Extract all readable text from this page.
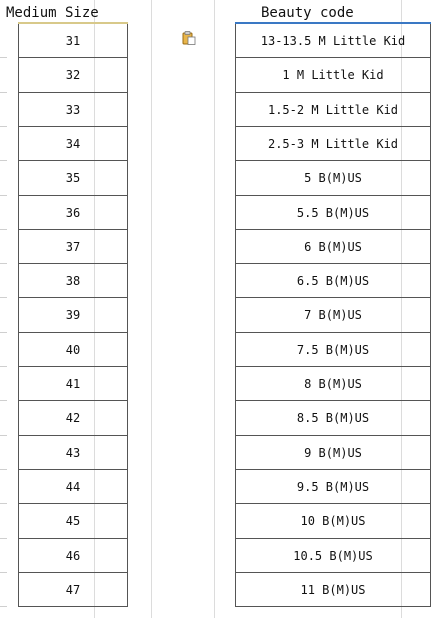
Medium Size	Beauty code
31	13-13.5 M Little Kid
32	1 M Little Kid
33	1.5-2 M Little Kid
34	2.5-3 M Little Kid
35	5 B(M)US
36	5.5 B(M)US
37	6 B(M)US
38	6.5 B(M)US
39	7 B(M)US
40	7.5 B(M)US
41	8 B(M)US
42	8.5 B(M)US
43	9 B(M)US
44	9.5 B(M)US
45	10 B(M)US
46	10.5 B(M)US
47	11 B(M)US
